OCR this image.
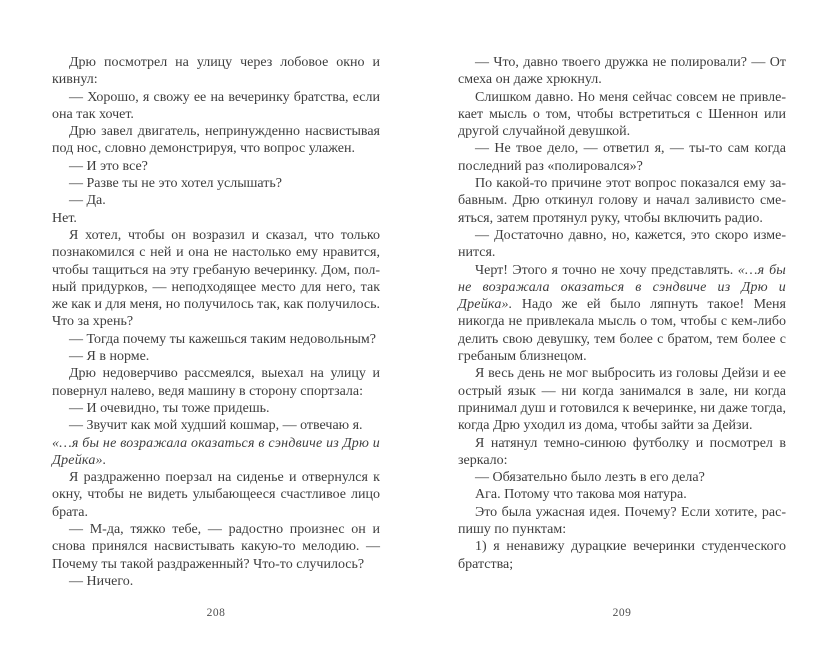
Дрю посмотрел на улицу через лобовое окно и кивнул:

— Хорошо, я свожу ее на вечеринку братства, если она так хочет.

Дрю завел двигатель, непринужденно насвистывая под нос, словно демонстрируя, что вопрос улажен.

— И это все?

— Разве ты не это хотел услышать?

— Да.

Нет.

Я хотел, чтобы он возразил и сказал, что только познакомился с ней и она не настолько ему нравится, чтобы тащиться на эту гребаную вечеринку. Дом, полный придурков, — неподходящее место для него, так же как и для меня, но получилось так, как получилось. Что за хрень?

— Тогда почему ты кажешься таким недовольным?

— Я в норме.

Дрю недоверчиво рассмеялся, выехал на улицу и повернул налево, ведя машину в сторону спортзала:

— И очевидно, ты тоже придешь.

— Звучит как мой худший кошмар, — отвечаю я.

«…я бы не возражала оказаться в сэндвиче из Дрю и Дрейка».

Я раздраженно поерзал на сиденье и отвернулся к окну, чтобы не видеть улыбающееся счастливое лицо брата.

— М-да, тяжко тебе, — радостно произнес он и снова принялся насвистывать какую-то мелодию. — Почему ты такой раздраженный? Что-то случилось?

— Ничего.

208

— Что, давно твоего дружка не полировали? — От смеха он даже хрюкнул.

Слишком давно. Но меня сейчас совсем не привлекает мысль о том, чтобы встретиться с Шеннон или другой случайной девушкой.

— Не твое дело, — ответил я, — ты-то сам когда последний раз «полировался»?

По какой-то причине этот вопрос показался ему забавным. Дрю откинул голову и начал заливисто смеяться, затем протянул руку, чтобы включить радио.

— Достаточно давно, но, кажется, это скоро изменится.

Черт! Этого я точно не хочу представлять. «…я бы не возражала оказаться в сэндвиче из Дрю и Дрейка». Надо же ей было ляпнуть такое! Меня никогда не привлекала мысль о том, чтобы с кем-либо делить свою девушку, тем более с братом, тем более с гребаным близнецом.

Я весь день не мог выбросить из головы Дейзи и ее острый язык — ни когда занимался в зале, ни когда принимал душ и готовился к вечеринке, ни даже тогда, когда Дрю уходил из дома, чтобы зайти за Дейзи.

Я натянул темно-синюю футболку и посмотрел в зеркало:

— Обязательно было лезть в его дела?

Ага. Потому что такова моя натура.

Это была ужасная идея. Почему? Если хотите, распишу по пунктам:

1) я ненавижу дурацкие вечеринки студенческого братства;

209
